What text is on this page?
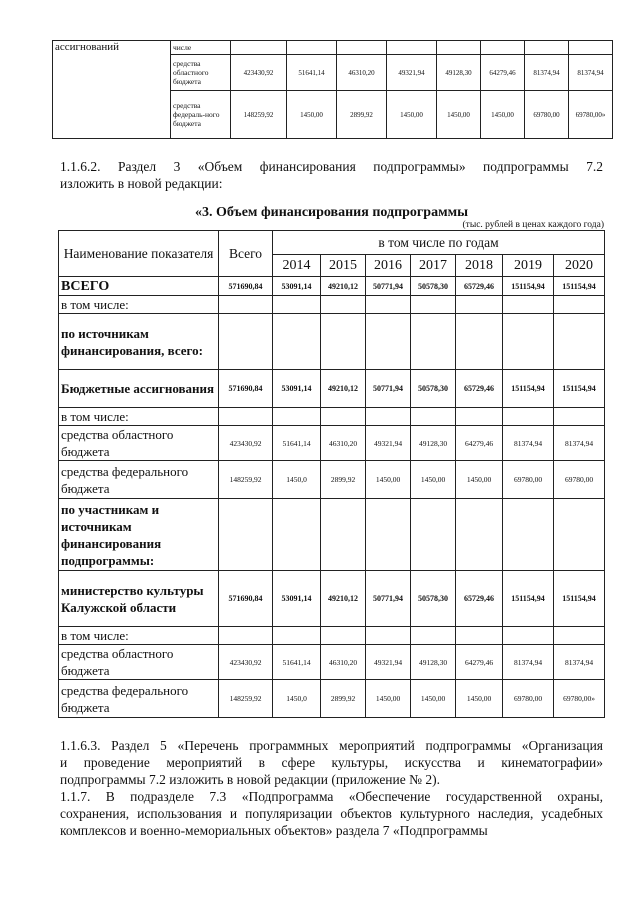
ассигнований	числе								
	средства областного бюджета	423430,92	51641,14	46310,20	49321,94	49128,30	64279,46	81374,94	81374,94
	средства федераль-ного бюджета	148259,92	1450,00	2899,92	1450,00	1450,00	1450,00	69780,00	69780,00»

1.1.6.2. Раздел 3 «Объем финансирования подпрограммы» подпрограммы 7.2
изложить в новой редакции:

«3. Объем финансирования подпрограммы

(тыс. рублей в ценах каждого года)
Наименование показателя	Всего	в том числе по годам						
		2014	2015	2016	2017	2018	2019	2020
ВСЕГО	571690,84	53091,14	49210,12	50771,94	50578,30	65729,46	151154,94	151154,94
в том числе:								
по источникам финансирования, всего:								
Бюджетные ассигнования	571690,84	53091,14	49210,12	50771,94	50578,30	65729,46	151154,94	151154,94
в том числе:								
средства областного бюджета	423430,92	51641,14	46310,20	49321,94	49128,30	64279,46	81374,94	81374,94
средства федерального бюджета	148259,92	1450,0	2899,92	1450,00	1450,00	1450,00	69780,00	69780,00
по участникам и источникам финансирования подпрограммы:								
министерство культуры Калужской области	571690,84	53091,14	49210,12	50771,94	50578,30	65729,46	151154,94	151154,94
в том числе:								
средства областного бюджета	423430,92	51641,14	46310,20	49321,94	49128,30	64279,46	81374,94	81374,94
средства федерального бюджета	148259,92	1450,0	2899,92	1450,00	1450,00	1450,00	69780,00	69780,00»

1.1.6.3. Раздел 5 «Перечень программных мероприятий подпрограммы «Организация
и проведение мероприятий в сфере культуры, искусства и кинематографии»
подпрограммы 7.2 изложить в новой редакции (приложение № 2).

1.1.7. В подразделе 7.3 «Подпрограмма «Обеспечение государственной охраны,
сохранения, использования и популяризации объектов культурного наследия, усадебных
комплексов и военно-мемориальных объектов» раздела 7 «Подпрограммы
